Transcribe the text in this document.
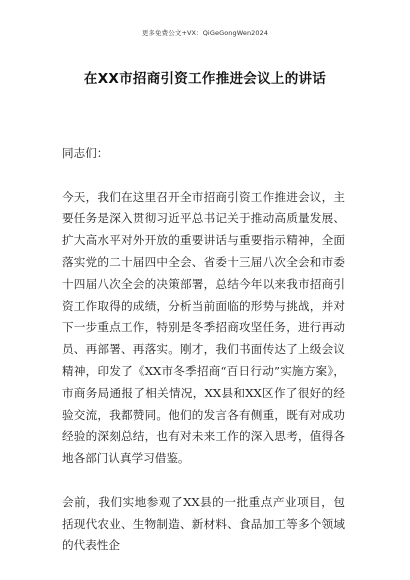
更多免费公文+VX：QiGeGongWen2024
在XX市招商引资工作推进会议上的讲话

同志们：

今天，我们在这里召开全市招商引资工作推进会议，主要任务是深入贯彻习近平总书记关于推动高质量发展、扩大高水平对外开放的重要讲话与重要指示精神，全面落实党的二十届四中全会、省委十三届八次全会和市委十四届八次全会的决策部署，总结今年以来我市招商引资工作取得的成绩，分析当前面临的形势与挑战，并对下一步重点工作，特别是冬季招商攻坚任务，进行再动员、再部署、再落实。刚才，我们书面传达了上级会议精神，印发了《XX市冬季招商“百日行动”实施方案》，市商务局通报了相关情况，XX县和XX区作了很好的经验交流，我都赞同。他们的发言各有侧重，既有对成功经验的深刻总结，也有对未来工作的深入思考，值得各地各部门认真学习借鉴。

会前，我们实地参观了XX县的一批重点产业项目，包括现代农业、生物制造、新材料、食品加工等多个领域的代表性企
